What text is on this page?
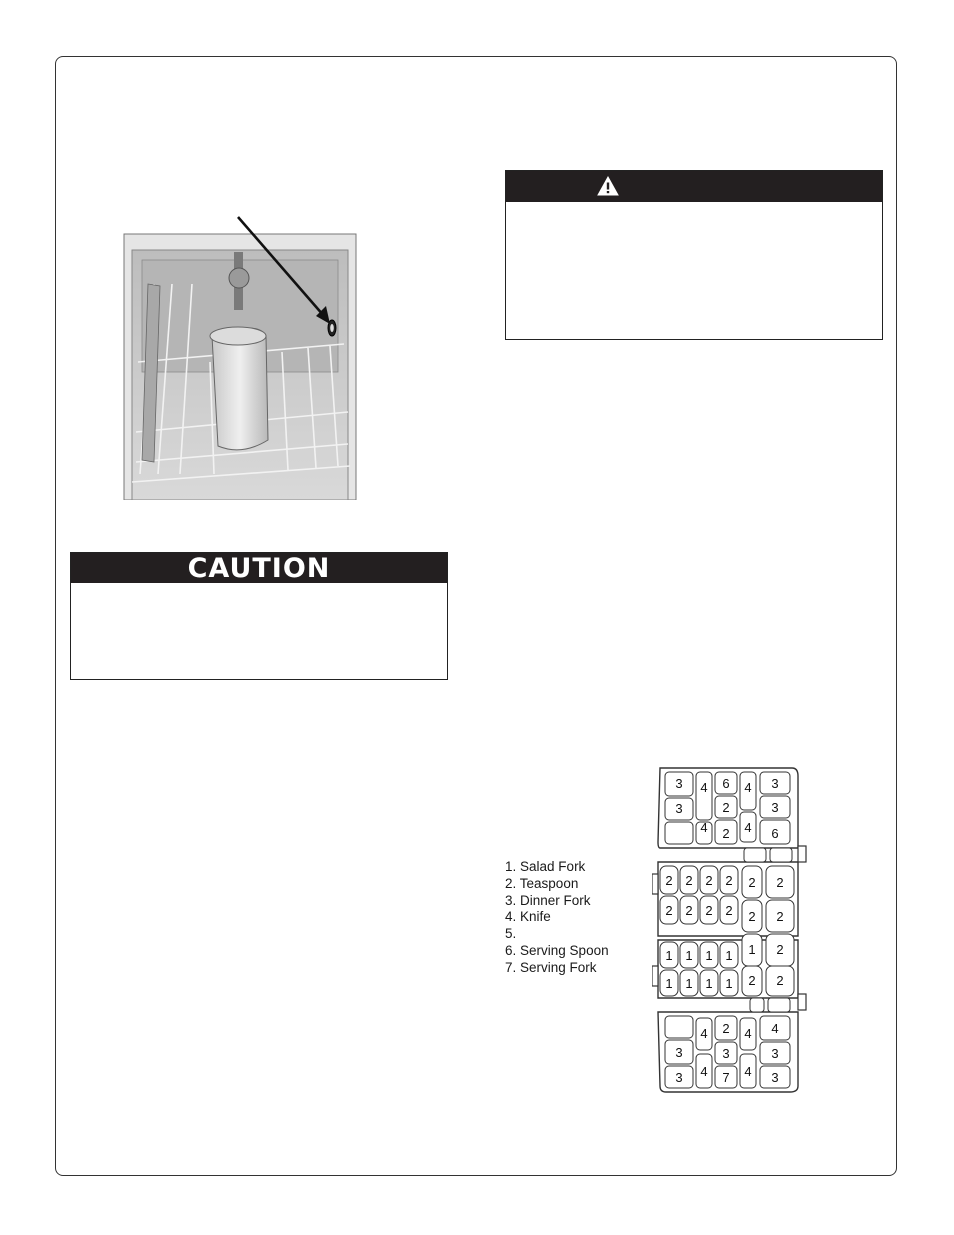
CAUTION
1. Salad Fork
2. Teaspoon
3. Dinner Fork
4. Knife
5.
6. Serving Spoon
7. Serving Fork
3 4 6 4 3
3	2	3
4 2 4 6
2 2 2 2 2 2
2 2 2 2 2 2
1 1 1 1 1 2
1 1 1 1 2 2
4 2 4 4
3	3	3
3 4 7 4 3
